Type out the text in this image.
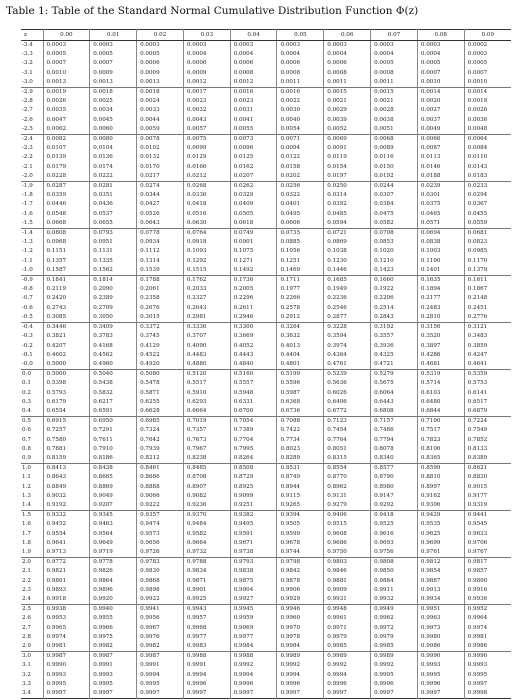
Table 1: Table of the Standard Normal Cumulative Distribution Function Φ(z)
z	0.00	0.01	0.02	0.03	0.04	0.05	0.06	0.07	0.08	0.09
-3.4	0.0003	0.0003	0.0003	0.0003	0.0003	0.0003	0.0003	0.0003	0.0003	0.0002
-3.3	0.0005	0.0005	0.0005	0.0004	0.0004	0.0004	0.0004	0.0004	0.0004	0.0003
-3.2	0.0007	0.0007	0.0006	0.0006	0.0006	0.0006	0.0006	0.0005	0.0005	0.0005
-3.1	0.0010	0.0009	0.0009	0.0009	0.0008	0.0008	0.0008	0.0008	0.0007	0.0007
-3.0	0.0013	0.0013	0.0013	0.0012	0.0012	0.0011	0.0011	0.0011	0.0010	0.0010
-2.9	0.0019	0.0018	0.0018	0.0017	0.0016	0.0016	0.0015	0.0015	0.0014	0.0014
-2.8	0.0026	0.0025	0.0024	0.0023	0.0023	0.0022	0.0021	0.0021	0.0020	0.0019
-2.7	0.0035	0.0034	0.0033	0.0032	0.0031	0.0030	0.0029	0.0028	0.0027	0.0026
-2.6	0.0047	0.0045	0.0044	0.0043	0.0041	0.0040	0.0039	0.0038	0.0037	0.0036
-2.5	0.0062	0.0060	0.0059	0.0057	0.0055	0.0054	0.0052	0.0051	0.0049	0.0048
-2.4	0.0082	0.0080	0.0078	0.0075	0.0073	0.0071	0.0069	0.0068	0.0066	0.0064
-2.3	0.0107	0.0104	0.0102	0.0099	0.0096	0.0094	0.0091	0.0089	0.0087	0.0084
-2.2	0.0139	0.0136	0.0132	0.0129	0.0125	0.0122	0.0119	0.0116	0.0113	0.0110
-2.1	0.0179	0.0174	0.0170	0.0166	0.0162	0.0158	0.0154	0.0150	0.0146	0.0143
-2.0	0.0228	0.0222	0.0217	0.0212	0.0207	0.0202	0.0197	0.0192	0.0188	0.0183
-1.9	0.0287	0.0281	0.0274	0.0268	0.0262	0.0256	0.0250	0.0244	0.0239	0.0233
-1.8	0.0359	0.0351	0.0344	0.0336	0.0329	0.0322	0.0314	0.0307	0.0301	0.0294
-1.7	0.0446	0.0436	0.0427	0.0418	0.0409	0.0401	0.0392	0.0384	0.0375	0.0367
-1.6	0.0548	0.0537	0.0526	0.0516	0.0505	0.0495	0.0485	0.0475	0.0465	0.0455
-1.5	0.0668	0.0655	0.0643	0.0630	0.0618	0.0606	0.0594	0.0582	0.0571	0.0559
-1.4	0.0808	0.0793	0.0778	0.0764	0.0749	0.0735	0.0721	0.0708	0.0694	0.0681
-1.3	0.0968	0.0951	0.0934	0.0918	0.0901	0.0885	0.0869	0.0853	0.0838	0.0823
-1.2	0.1151	0.1131	0.1112	0.1093	0.1075	0.1056	0.1038	0.1020	0.1003	0.0985
-1.1	0.1357	0.1335	0.1314	0.1292	0.1271	0.1251	0.1230	0.1210	0.1190	0.1170
-1.0	0.1587	0.1562	0.1539	0.1515	0.1492	0.1469	0.1446	0.1423	0.1401	0.1379
-0.9	0.1841	0.1814	0.1788	0.1762	0.1736	0.1711	0.1685	0.1660	0.1635	0.1611
-0.8	0.2119	0.2090	0.2061	0.2033	0.2005	0.1977	0.1949	0.1922	0.1894	0.1867
-0.7	0.2420	0.2389	0.2358	0.2327	0.2296	0.2266	0.2236	0.2206	0.2177	0.2148
-0.6	0.2743	0.2709	0.2676	0.2643	0.2611	0.2578	0.2546	0.2514	0.2483	0.2451
-0.5	0.3085	0.3050	0.3015	0.2981	0.2946	0.2912	0.2877	0.2843	0.2810	0.2776
-0.4	0.3446	0.3409	0.3372	0.3336	0.3300	0.3264	0.3228	0.3192	0.3156	0.3121
-0.3	0.3821	0.3783	0.3745	0.3707	0.3669	0.3632	0.3594	0.3557	0.3520	0.3483
-0.2	0.4207	0.4168	0.4129	0.4090	0.4052	0.4013	0.3974	0.3936	0.3897	0.3859
-0.1	0.4602	0.4562	0.4522	0.4483	0.4443	0.4404	0.4364	0.4325	0.4286	0.4247
-0.0	0.5000	0.4960	0.4920	0.4880	0.4840	0.4801	0.4761	0.4721	0.4681	0.4641
0.0	0.5000	0.5040	0.5080	0.5120	0.5160	0.5199	0.5239	0.5279	0.5319	0.5359
0.1	0.5398	0.5438	0.5478	0.5517	0.5557	0.5596	0.5636	0.5675	0.5714	0.5753
0.2	0.5793	0.5832	0.5871	0.5910	0.5948	0.5987	0.6026	0.6064	0.6103	0.6141
0.3	0.6179	0.6217	0.6255	0.6293	0.6331	0.6368	0.6406	0.6443	0.6480	0.6517
0.4	0.6554	0.6591	0.6628	0.6664	0.6700	0.6736	0.6772	0.6808	0.6844	0.6879
0.5	0.6915	0.6950	0.6985	0.7019	0.7054	0.7088	0.7123	0.7157	0.7190	0.7224
0.6	0.7257	0.7291	0.7324	0.7357	0.7389	0.7422	0.7454	0.7486	0.7517	0.7549
0.7	0.7580	0.7611	0.7642	0.7673	0.7704	0.7734	0.7764	0.7794	0.7823	0.7852
0.8	0.7881	0.7910	0.7939	0.7967	0.7995	0.8023	0.8051	0.8078	0.8106	0.8133
0.9	0.8159	0.8186	0.8212	0.8238	0.8264	0.8289	0.8315	0.8340	0.8365	0.8389
1.0	0.8413	0.8438	0.8461	0.8485	0.8508	0.8531	0.8554	0.8577	0.8599	0.8621
1.1	0.8643	0.8665	0.8686	0.8708	0.8729	0.8749	0.8770	0.8790	0.8810	0.8830
1.2	0.8849	0.8869	0.8888	0.8907	0.8925	0.8944	0.8962	0.8980	0.8997	0.9015
1.3	0.9032	0.9049	0.9066	0.9082	0.9099	0.9115	0.9131	0.9147	0.9162	0.9177
1.4	0.9192	0.9207	0.9222	0.9236	0.9251	0.9265	0.9279	0.9292	0.9306	0.9319
1.5	0.9332	0.9345	0.9357	0.9370	0.9382	0.9394	0.9406	0.9418	0.9429	0.9441
1.6	0.9452	0.9463	0.9474	0.9484	0.9495	0.9505	0.9515	0.9525	0.9535	0.9545
1.7	0.9554	0.9564	0.9573	0.9582	0.9591	0.9599	0.9608	0.9616	0.9625	0.9633
1.8	0.9641	0.9649	0.9656	0.9664	0.9671	0.9678	0.9686	0.9693	0.9699	0.9706
1.9	0.9713	0.9719	0.9726	0.9732	0.9738	0.9744	0.9750	0.9756	0.9761	0.9767
2.0	0.9772	0.9778	0.9783	0.9788	0.9793	0.9798	0.9803	0.9808	0.9812	0.9817
2.1	0.9821	0.9826	0.9830	0.9834	0.9838	0.9842	0.9846	0.9850	0.9854	0.9857
2.2	0.9861	0.9864	0.9868	0.9871	0.9875	0.9878	0.9881	0.9884	0.9887	0.9890
2.3	0.9893	0.9896	0.9898	0.9901	0.9904	0.9906	0.9909	0.9911	0.9913	0.9916
2.4	0.9918	0.9920	0.9922	0.9925	0.9927	0.9929	0.9931	0.9932	0.9934	0.9936
2.5	0.9938	0.9940	0.9941	0.9943	0.9945	0.9946	0.9948	0.9949	0.9951	0.9952
2.6	0.9953	0.9955	0.9956	0.9957	0.9959	0.9960	0.9961	0.9962	0.9963	0.9964
2.7	0.9965	0.9966	0.9967	0.9968	0.9969	0.9970	0.9971	0.9972	0.9973	0.9974
2.8	0.9974	0.9975	0.9976	0.9977	0.9977	0.9978	0.9979	0.9979	0.9980	0.9981
2.9	0.9981	0.9982	0.9982	0.9983	0.9984	0.9984	0.9985	0.9985	0.9986	0.9986
3.0	0.9987	0.9987	0.9987	0.9988	0.9988	0.9989	0.9989	0.9989	0.9990	0.9990
3.1	0.9990	0.9991	0.9991	0.9991	0.9992	0.9992	0.9992	0.9992	0.9993	0.9993
3.2	0.9993	0.9993	0.9994	0.9994	0.9994	0.9994	0.9994	0.9995	0.9995	0.9995
3.3	0.9995	0.9995	0.9995	0.9996	0.9996	0.9996	0.9996	0.9996	0.9996	0.9997
3.4	0.9997	0.9997	0.9997	0.9997	0.9997	0.9997	0.9997	0.9997	0.9997	0.9998
